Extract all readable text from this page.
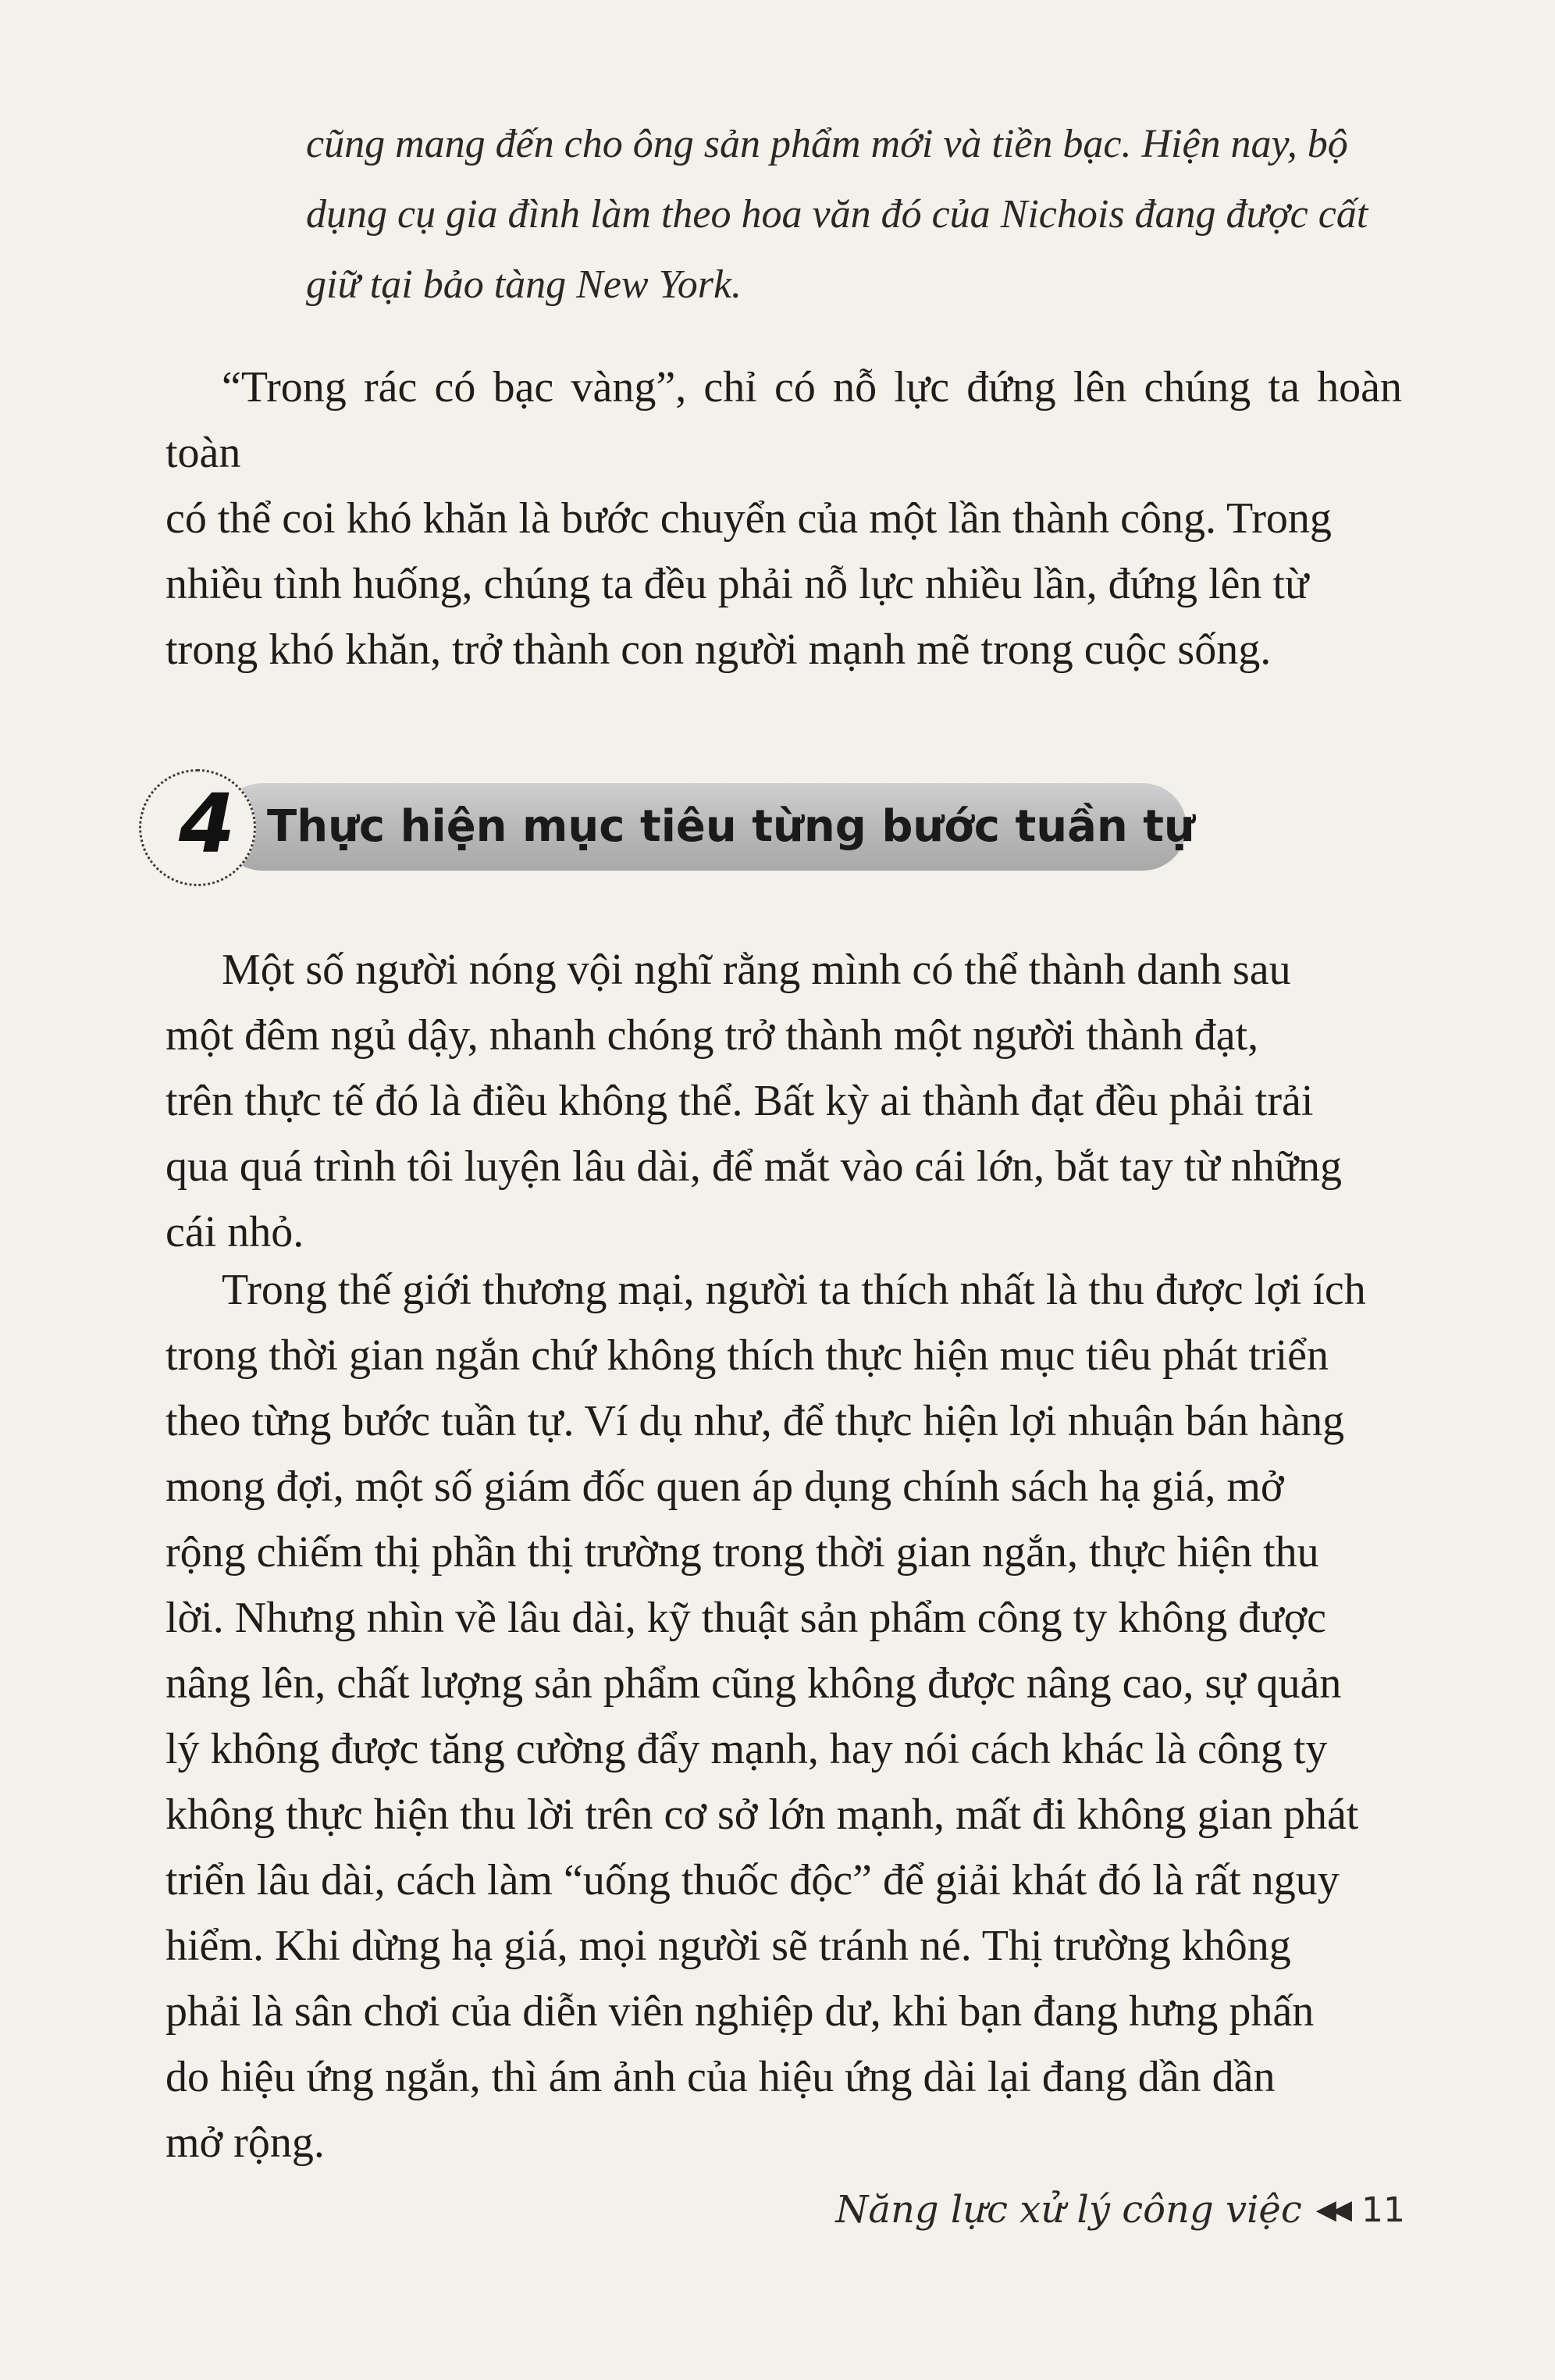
cũng mang đến cho ông sản phẩm mới và tiền bạc. Hiện nay, bộ
dụng cụ gia đình làm theo hoa văn đó của Nichois đang được cất
giữ tại bảo tàng New York.
“Trong rác có bạc vàng”, chỉ có nỗ lực đứng lên chúng ta hoàn toàn
có thể coi khó khăn là bước chuyển của một lần thành công. Trong
nhiều tình huống, chúng ta đều phải nỗ lực nhiều lần, đứng lên từ
trong khó khăn, trở thành con người mạnh mẽ trong cuộc sống.
4 Thực hiện mục tiêu từng bước tuần tự
Một số người nóng vội nghĩ rằng mình có thể thành danh sau
một đêm ngủ dậy, nhanh chóng trở thành một người thành đạt,
trên thực tế đó là điều không thể. Bất kỳ ai thành đạt đều phải trải
qua quá trình tôi luyện lâu dài, để mắt vào cái lớn, bắt tay từ những
cái nhỏ.
Trong thế giới thương mại, người ta thích nhất là thu được lợi ích
trong thời gian ngắn chứ không thích thực hiện mục tiêu phát triển
theo từng bước tuần tự. Ví dụ như, để thực hiện lợi nhuận bán hàng
mong đợi, một số giám đốc quen áp dụng chính sách hạ giá, mở
rộng chiếm thị phần thị trường trong thời gian ngắn, thực hiện thu
lời. Nhưng nhìn về lâu dài, kỹ thuật sản phẩm công ty không được
nâng lên, chất lượng sản phẩm cũng không được nâng cao, sự quản
lý không được tăng cường đẩy mạnh, hay nói cách khác là công ty
không thực hiện thu lời trên cơ sở lớn mạnh, mất đi không gian phát
triển lâu dài, cách làm “uống thuốc độc” để giải khát đó là rất nguy
hiểm. Khi dừng hạ giá, mọi người sẽ tránh né. Thị trường không
phải là sân chơi của diễn viên nghiệp dư, khi bạn đang hưng phấn
do hiệu ứng ngắn, thì ám ảnh của hiệu ứng dài lại đang dần dần
mở rộng.
Năng lực xử lý công việc ◀◀ 11
